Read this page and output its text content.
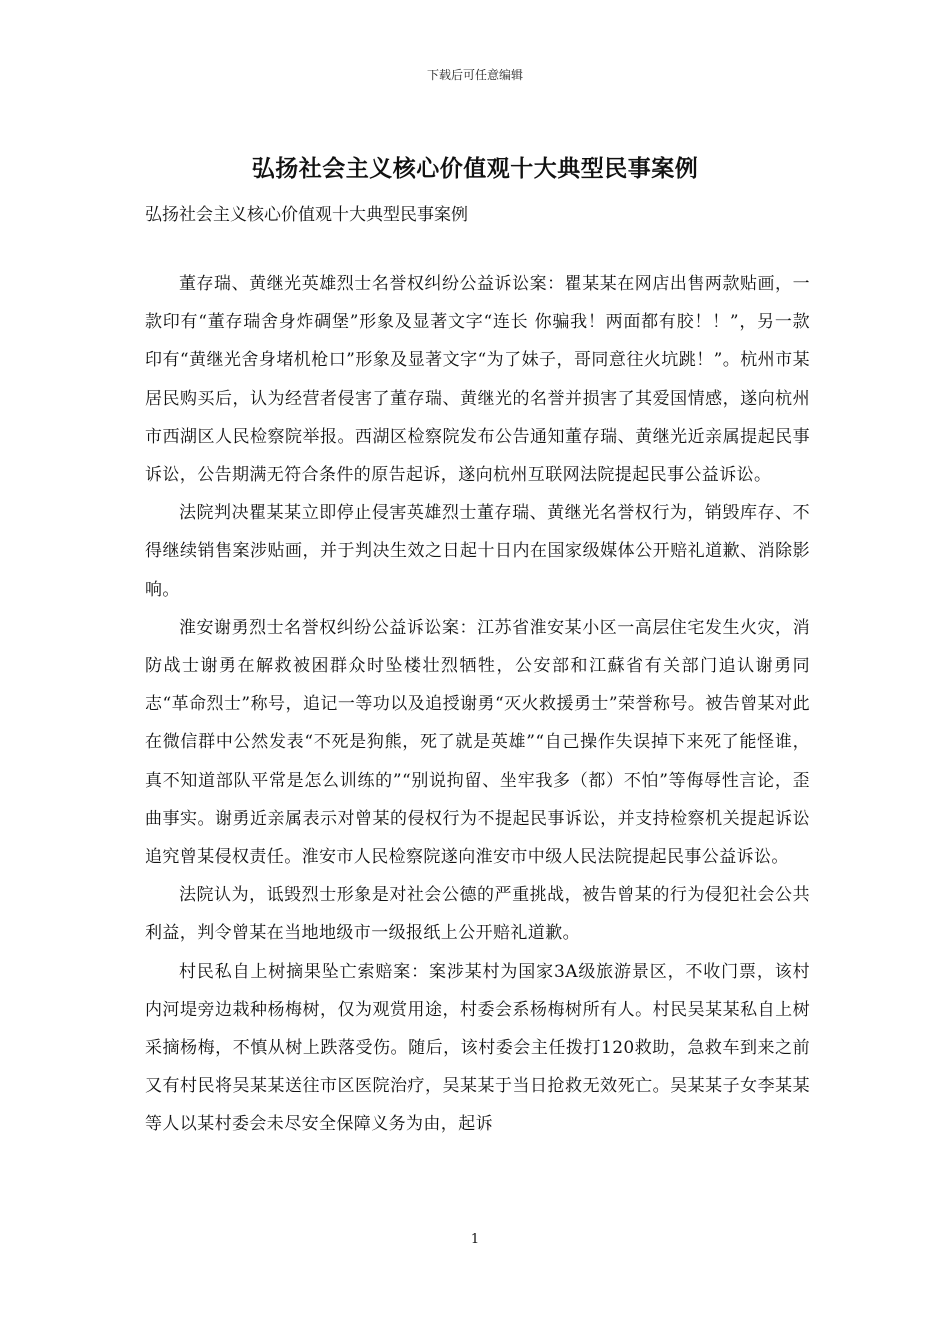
下载后可任意编辑
弘扬社会主义核心价值观十大典型民事案例
弘扬社会主义核心价值观十大典型民事案例

董存瑞、黄继光英雄烈士名誉权纠纷公益诉讼案：瞿某某在网店出售两款贴画，一款印有“董存瑞舍身炸碉堡”形象及显著文字“连长 你骗我！两面都有胶！！”，另一款印有“黄继光舍身堵机枪口”形象及显著文字“为了妹子，哥同意往火坑跳！”。杭州市某居民购买后，认为经营者侵害了董存瑞、黄继光的名誉并损害了其爱国情感，遂向杭州市西湖区人民检察院举报。西湖区检察院发布公告通知董存瑞、黄继光近亲属提起民事诉讼，公告期满无符合条件的原告起诉，遂向杭州互联网法院提起民事公益诉讼。

法院判决瞿某某立即停止侵害英雄烈士董存瑞、黄继光名誉权行为，销毁库存、不得继续销售案涉贴画，并于判决生效之日起十日内在国家级媒体公开赔礼道歉、消除影响。

淮安谢勇烈士名誉权纠纷公益诉讼案：江苏省淮安某小区一高层住宅发生火灾，消防战士谢勇在解救被困群众时坠楼壮烈牺牲，公安部和江蘇省有关部门追认谢勇同志“革命烈士”称号，追记一等功以及追授谢勇“灭火救援勇士”荣誉称号。被告曾某对此在微信群中公然发表“不死是狗熊，死了就是英雄”“自己操作失误掉下来死了能怪谁，真不知道部队平常是怎么训练的”“别说拘留、坐牢我多（都）不怕”等侮辱性言论，歪曲事实。谢勇近亲属表示对曾某的侵权行为不提起民事诉讼，并支持检察机关提起诉讼追究曾某侵权责任。淮安市人民检察院遂向淮安市中级人民法院提起民事公益诉讼。

法院认为，诋毁烈士形象是对社会公德的严重挑战，被告曾某的行为侵犯社会公共利益，判令曾某在当地地级市一级报纸上公开赔礼道歉。

村民私自上树摘果坠亡索赔案：案涉某村为国家3A级旅游景区，不收门票，该村内河堤旁边栽种杨梅树，仅为观赏用途，村委会系杨梅树所有人。村民吴某某私自上树采摘杨梅，不慎从树上跌落受伤。随后，该村委会主任拨打120救助，急救车到来之前又有村民将吴某某送往市区医院治疗，吴某某于当日抢救无效死亡。吴某某子女李某某等人以某村委会未尽安全保障义务为由，起诉

1
